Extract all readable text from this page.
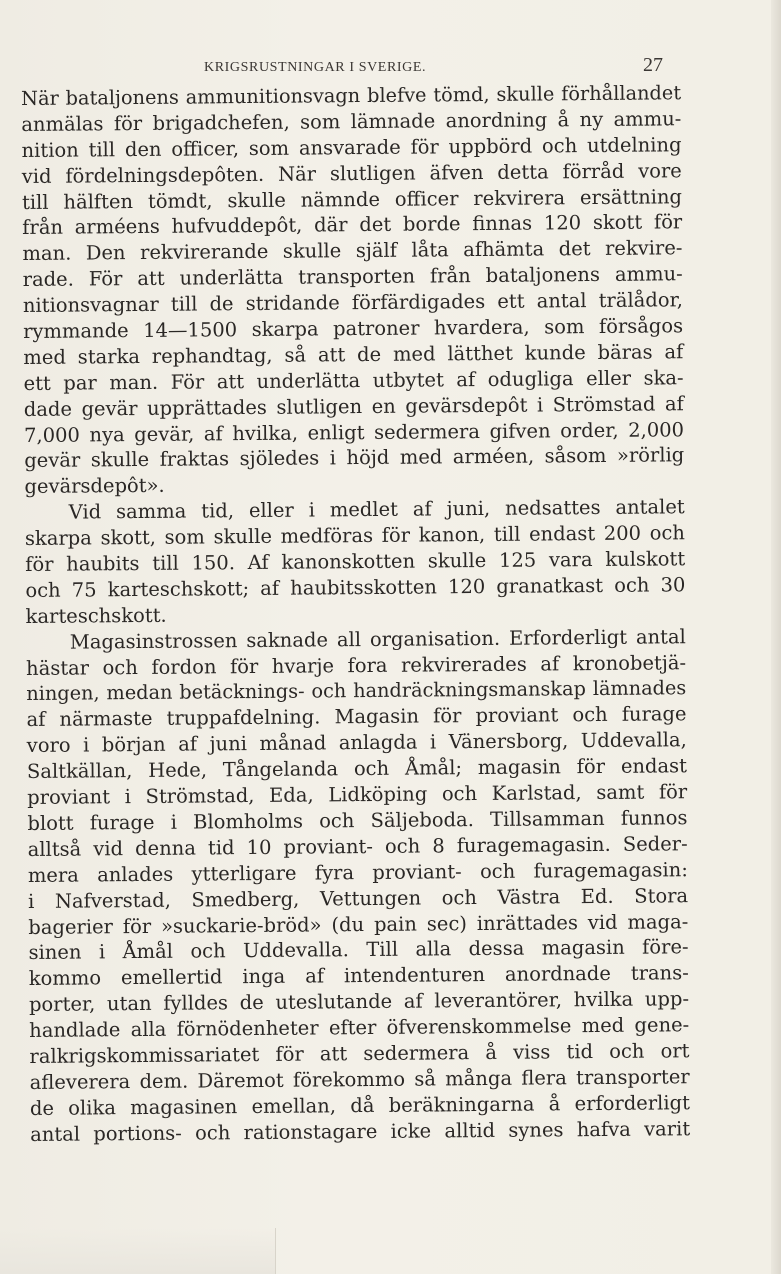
KRIGSRUSTNINGAR I SVERIGE.	27
När bataljonens ammunitionsvagn blefve tömd, skulle förhållandet
anmälas för brigadchefen, som lämnade anordning å ny ammu-
nition till den officer, som ansvarade för uppbörd och utdelning
vid fördelningsdepôten. När slutligen äfven detta förråd vore
till hälften tömdt, skulle nämnde officer rekvirera ersättning
från arméens hufvuddepôt, där det borde finnas 120 skott för
man. Den rekvirerande skulle själf låta afhämta det rekvire-
rade. För att underlätta transporten från bataljonens ammu-
nitionsvagnar till de stridande förfärdigades ett antal trälådor,
rymmande 14—1500 skarpa patroner hvardera, som försågos
med starka rephandtag, så att de med lätthet kunde bäras af
ett par man. För att underlätta utbytet af odugliga eller ska-
dade gevär upprättades slutligen en gevärsdepôt i Strömstad af
7,000 nya gevär, af hvilka, enligt sedermera gifven order, 2,000
gevär skulle fraktas sjöledes i höjd med arméen, såsom »rörlig
gevärsdepôt».
Vid samma tid, eller i medlet af juni, nedsattes antalet
skarpa skott, som skulle medföras för kanon, till endast 200 och
för haubits till 150. Af kanonskotten skulle 125 vara kulskott
och 75 karteschskott; af haubitsskotten 120 granatkast och 30
karteschskott.
Magasinstrossen saknade all organisation. Erforderligt antal
hästar och fordon för hvarje fora rekvirerades af kronobetjä-
ningen, medan betäcknings- och handräckningsmanskap lämnades
af närmaste truppafdelning. Magasin för proviant och furage
voro i början af juni månad anlagda i Vänersborg, Uddevalla,
Saltkällan, Hede, Tångelanda och Åmål; magasin för endast
proviant i Strömstad, Eda, Lidköping och Karlstad, samt för
blott furage i Blomholms och Säljeboda. Tillsamman funnos
alltså vid denna tid 10 proviant- och 8 furagemagasin. Seder-
mera anlades ytterligare fyra proviant- och furagemagasin:
i Nafverstad, Smedberg, Vettungen och Västra Ed. Stora
bagerier för »suckarie-bröd» (du pain sec) inrättades vid maga-
sinen i Åmål och Uddevalla. Till alla dessa magasin före-
kommo emellertid inga af intendenturen anordnade trans-
porter, utan fylldes de uteslutande af leverantörer, hvilka upp-
handlade alla förnödenheter efter öfverenskommelse med gene-
ralkrigskommissariatet för att sedermera å viss tid och ort
afleverera dem. Däremot förekommo så många flera transporter
de olika magasinen emellan, då beräkningarna å erforderligt
antal portions- och rationstagare icke alltid synes hafva varit
